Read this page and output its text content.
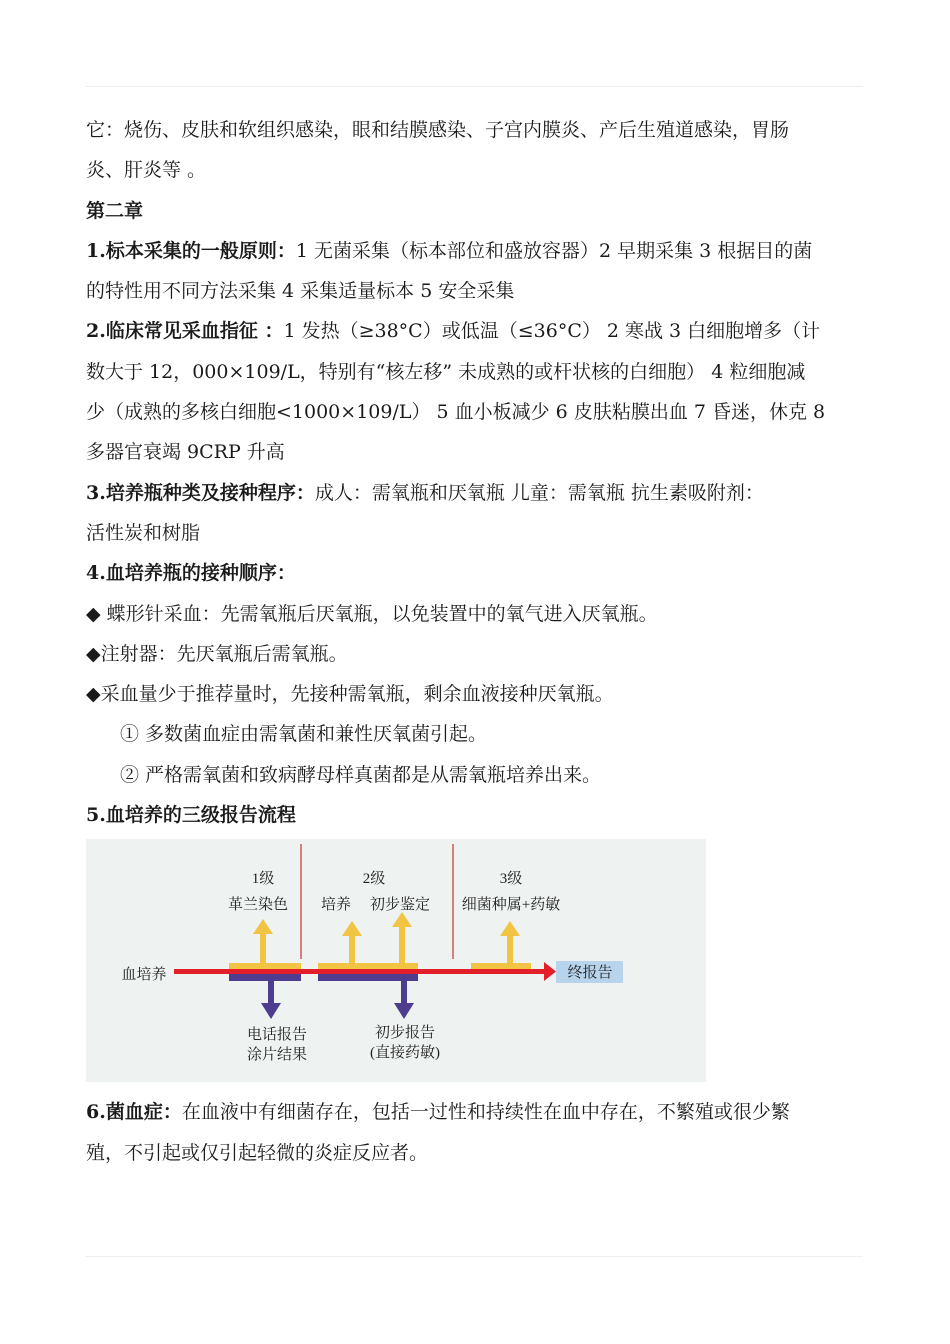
它：烧伤、皮肤和软组织感染，眼和结膜感染、子宫内膜炎、产后生殖道感染，胃肠

炎、肝炎等 。

第二章

1.标本采集的一般原则：1 无菌采集（标本部位和盛放容器）2 早期采集 3 根据目的菌

的特性用不同方法采集 4 采集适量标本 5 安全采集

2.临床常见采血指征 ：1 发热（≥38°C）或低温（≤36°C） 2 寒战 3 白细胞增多（计

数大于 12，000×109/L，特别有“核左移” 未成熟的或杆状核的白细胞） 4 粒细胞减

少（成熟的多核白细胞<1000×109/L） 5 血小板减少 6 皮肤粘膜出血 7 昏迷，休克 8

多器官衰竭 9CRP 升高

3.培养瓶种类及接种程序：成人：需氧瓶和厌氧瓶 儿童：需氧瓶 抗生素吸附剂：

活性炭和树脂

4.血培养瓶的接种顺序：

◆ 蝶形针采血：先需氧瓶后厌氧瓶，以免装置中的氧气进入厌氧瓶。

◆注射器：先厌氧瓶后需氧瓶。

◆采血量少于推荐量时，先接种需氧瓶，剩余血液接种厌氧瓶。

① 多数菌血症由需氧菌和兼性厌氧菌引起。

② 严格需氧菌和致病酵母样真菌都是从需氧瓶培养出来。

5.血培养的三级报告流程

1级	2级	3级
革兰染色 培养 初步鉴定 细菌种属+药敏
血培养	终报告
电话报告
涂片结果
初步报告
(直接药敏)

6.菌血症：在血液中有细菌存在，包括一过性和持续性在血中存在，不繁殖或很少繁

殖，不引起或仅引起轻微的炎症反应者。
